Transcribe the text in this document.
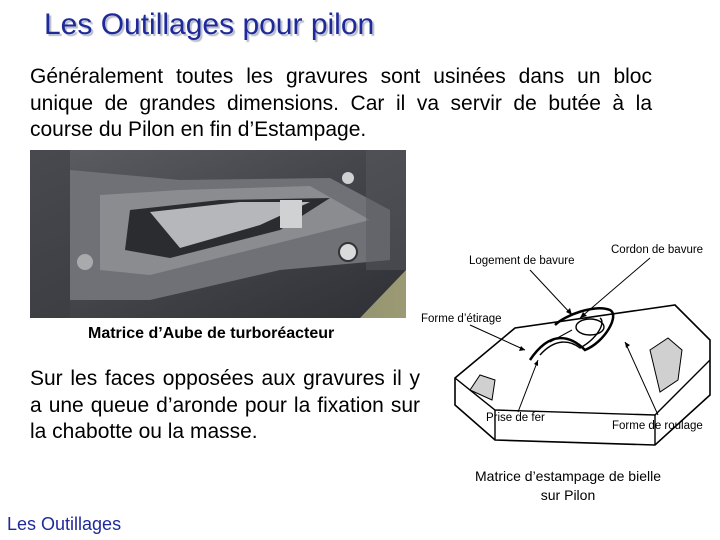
Les Outillages pour pilon
Généralement toutes les gravures sont usinées dans un bloc unique de grandes dimensions. Car il va servir de butée à la course du Pilon en fin d’Estampage.
Matrice d’Aube de turboréacteur
Sur les faces opposées aux gravures il y a une queue d’aronde pour la fixation sur la chabotte ou la masse.
Logement de bavure
Cordon de bavure
Forme d’étirage
Prise de fer
Forme de roulage
Matrice d’estampage de bielle sur Pilon
Les Outillages
